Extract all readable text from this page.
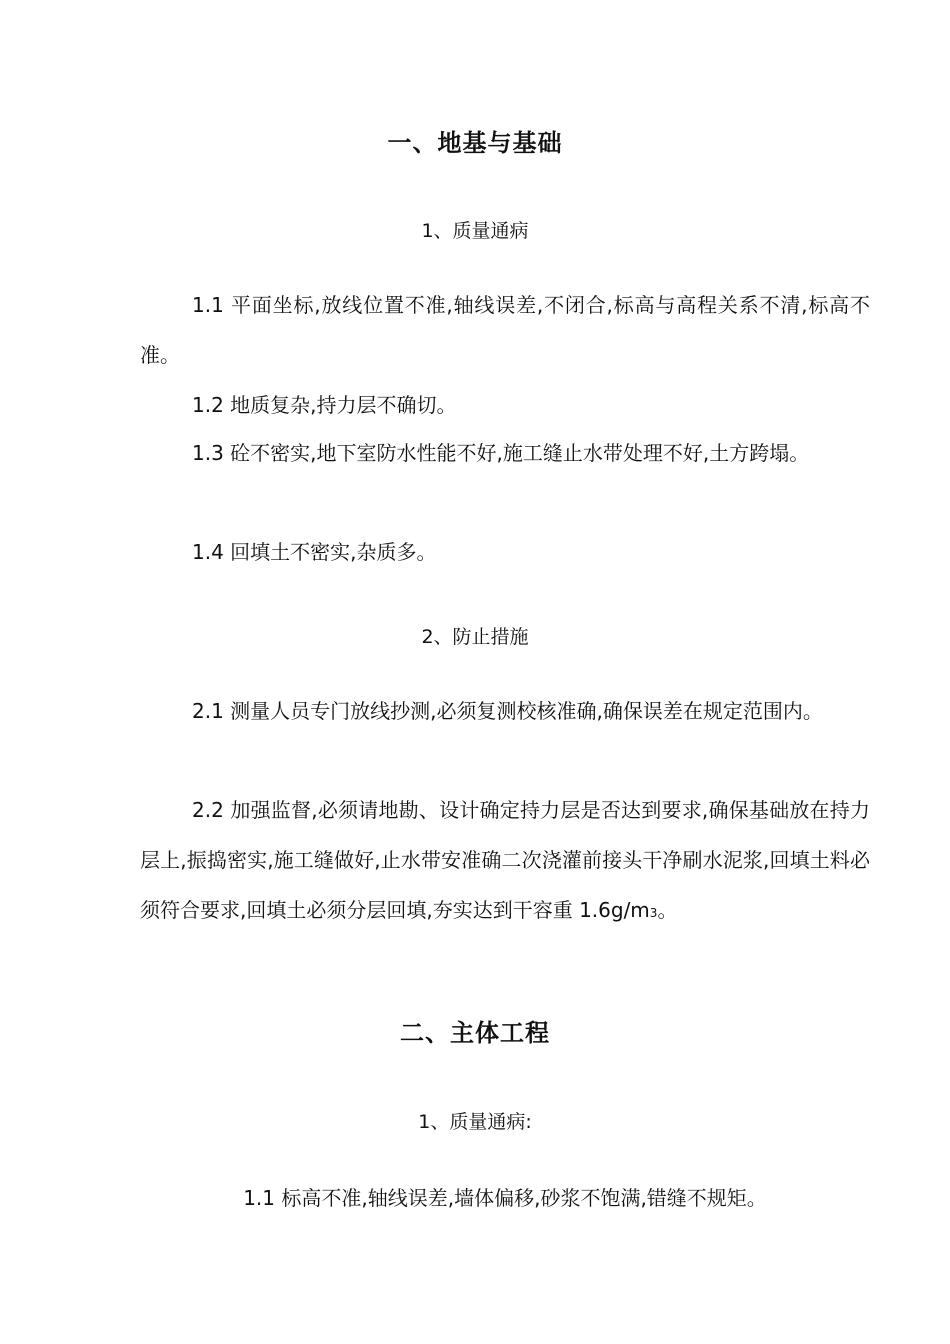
一、地基与基础
1、质量通病

1.1 平面坐标,放线位置不准,轴线误差,不闭合,标高与高程关系不清,标高不准。

1.2 地质复杂,持力层不确切。

1.3 砼不密实,地下室防水性能不好,施工缝止水带处理不好,土方跨塌。

1.4 回填土不密实,杂质多。

2、防止措施

2.1 测量人员专门放线抄测,必须复测校核准确,确保误差在规定范围内。

2.2 加强监督,必须请地勘、设计确定持力层是否达到要求,确保基础放在持力层上,振捣密实,施工缝做好,止水带安准确二次浇灌前接头干净刷水泥浆,回填土料必须符合要求,回填土必须分层回填,夯实达到干容重 1.6g/m3。

二、主体工程
1、质量通病:

1.1 标高不准,轴线误差,墙体偏移,砂浆不饱满,错缝不规矩。
